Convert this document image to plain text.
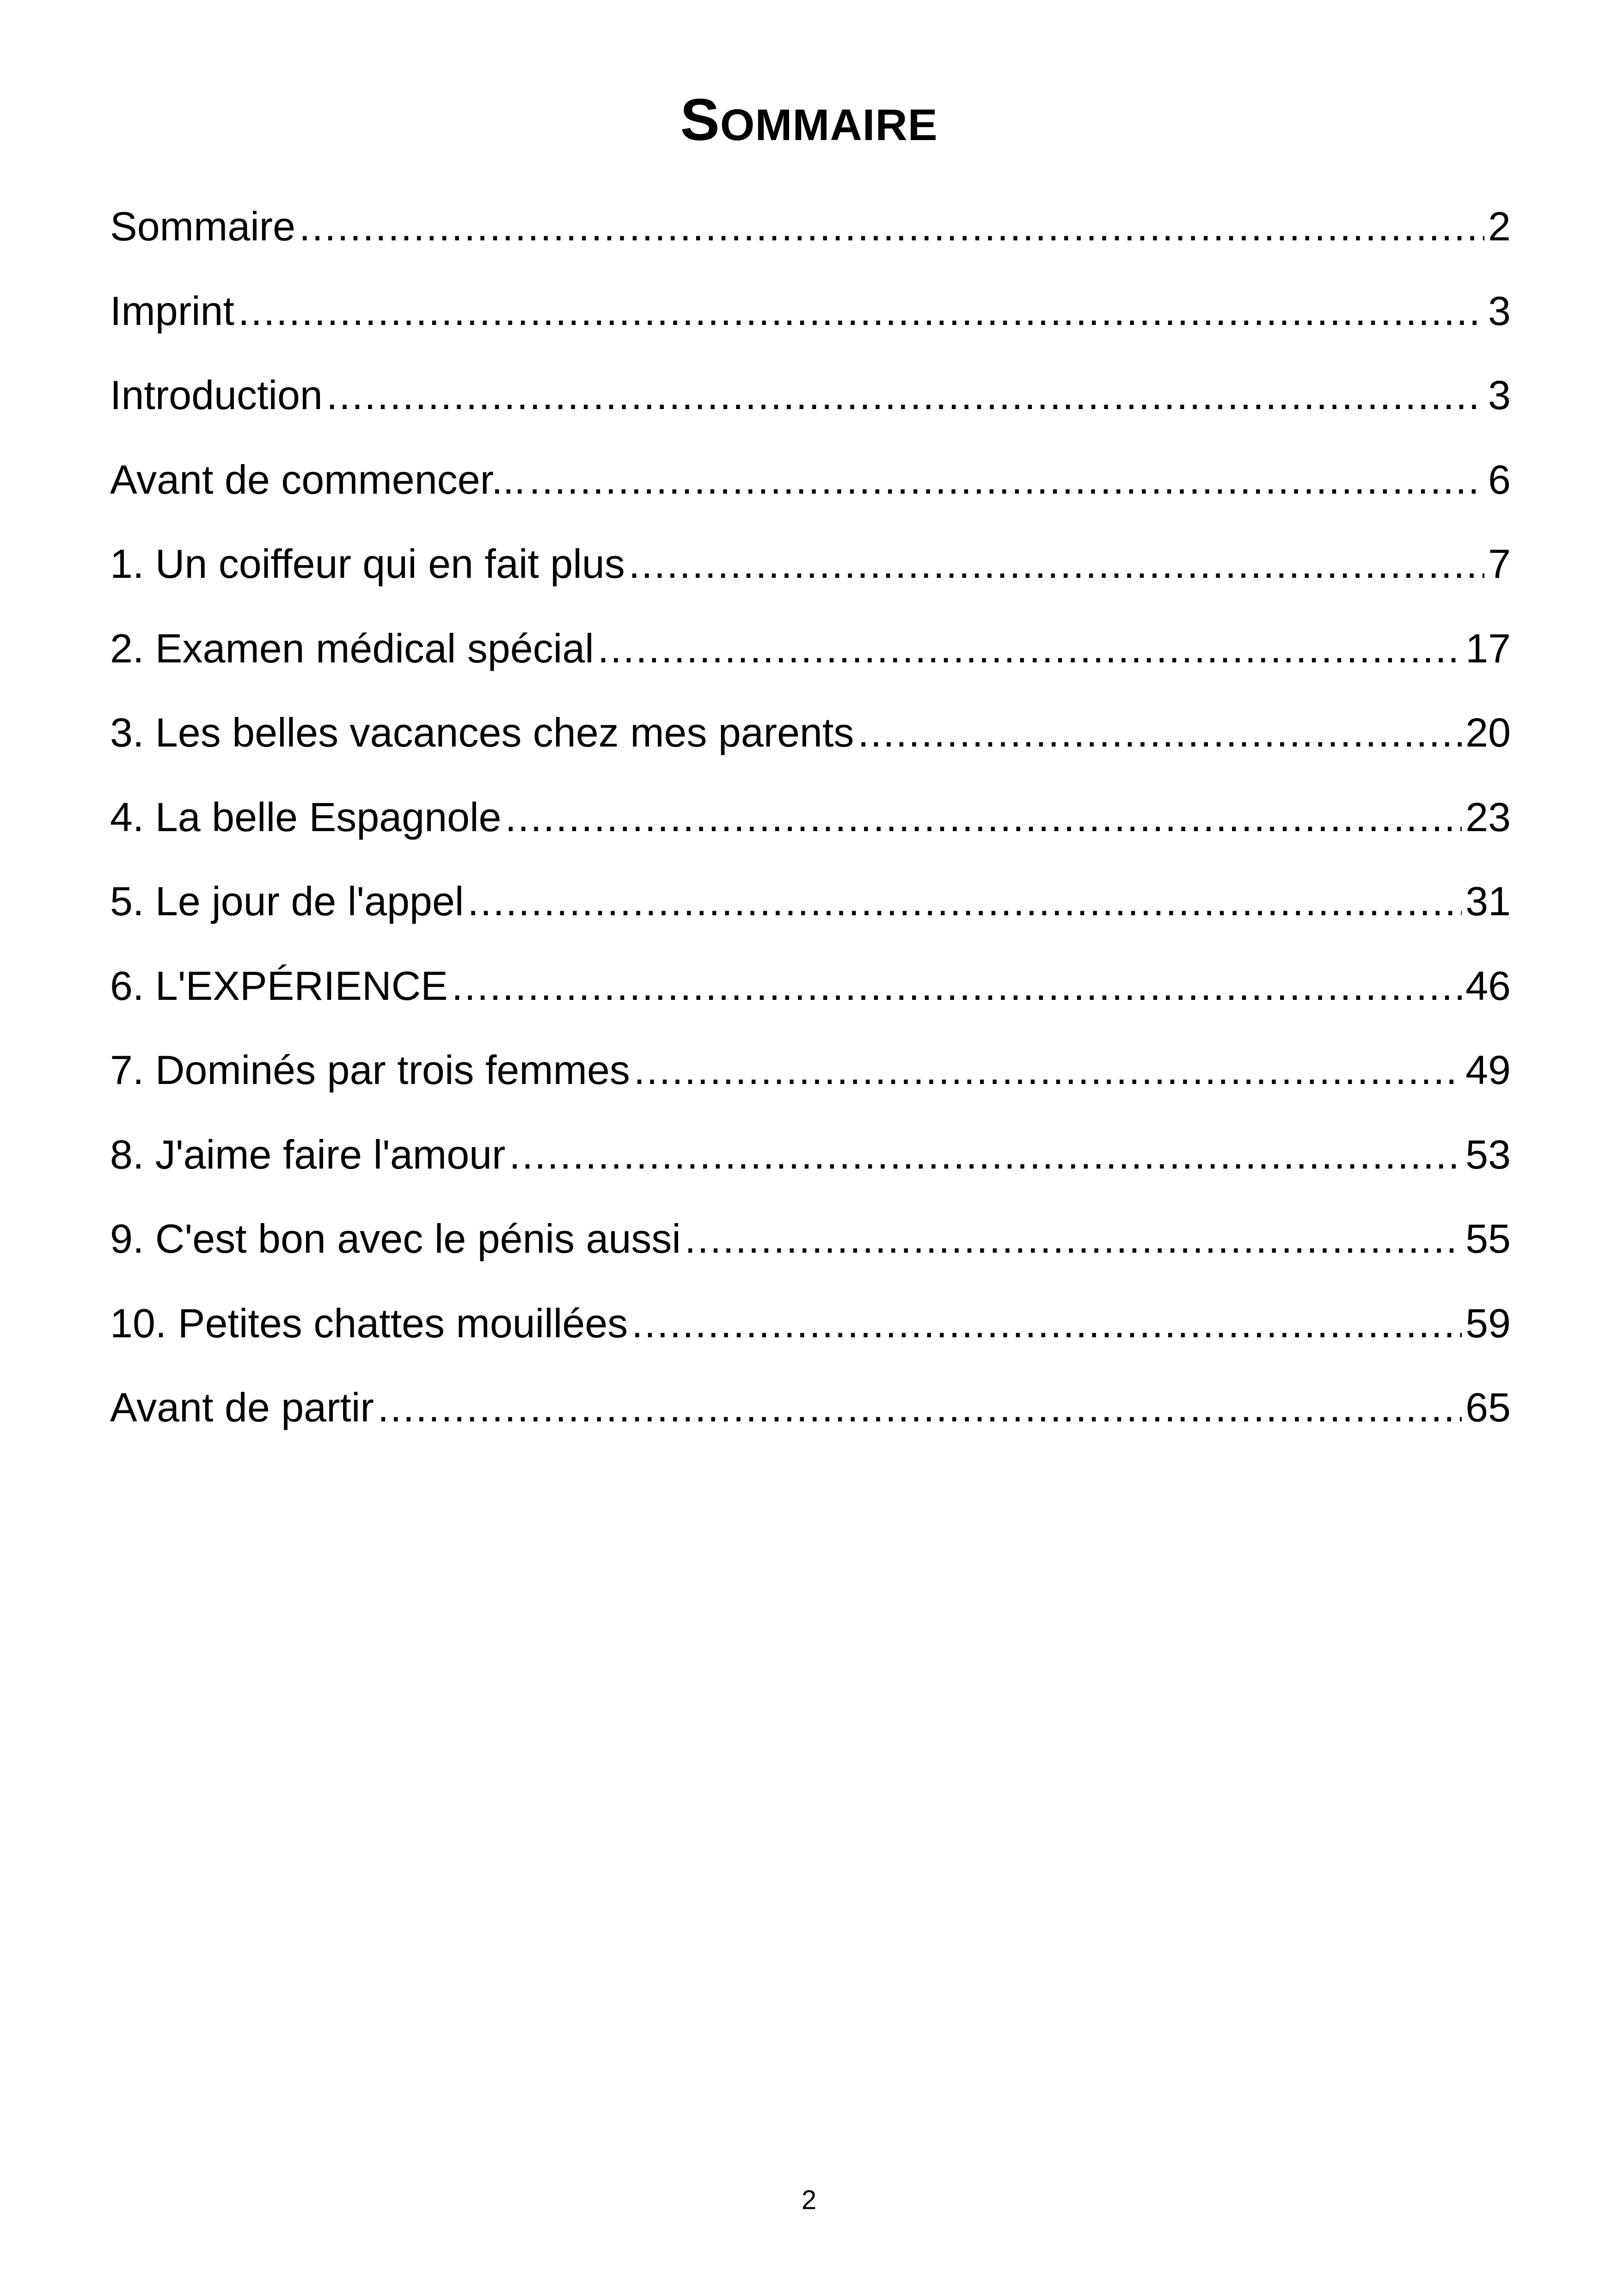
SOMMAIRE
Sommaire .....	2
Imprint .....	3
Introduction .....	3
Avant de commencer... .....	6
1. Un coiffeur qui en fait plus .....	7
2. Examen médical spécial .....	17
3. Les belles vacances chez mes parents .....	20
4. La belle Espagnole .....	23
5. Le jour de l'appel .....	31
6. L'EXPÉRIENCE .....	46
7. Dominés par trois femmes .....	49
8. J'aime faire l'amour .....	53
9. C'est bon avec le pénis aussi .....	55
10. Petites chattes mouillées .....	59
Avant de partir .....	65
2
